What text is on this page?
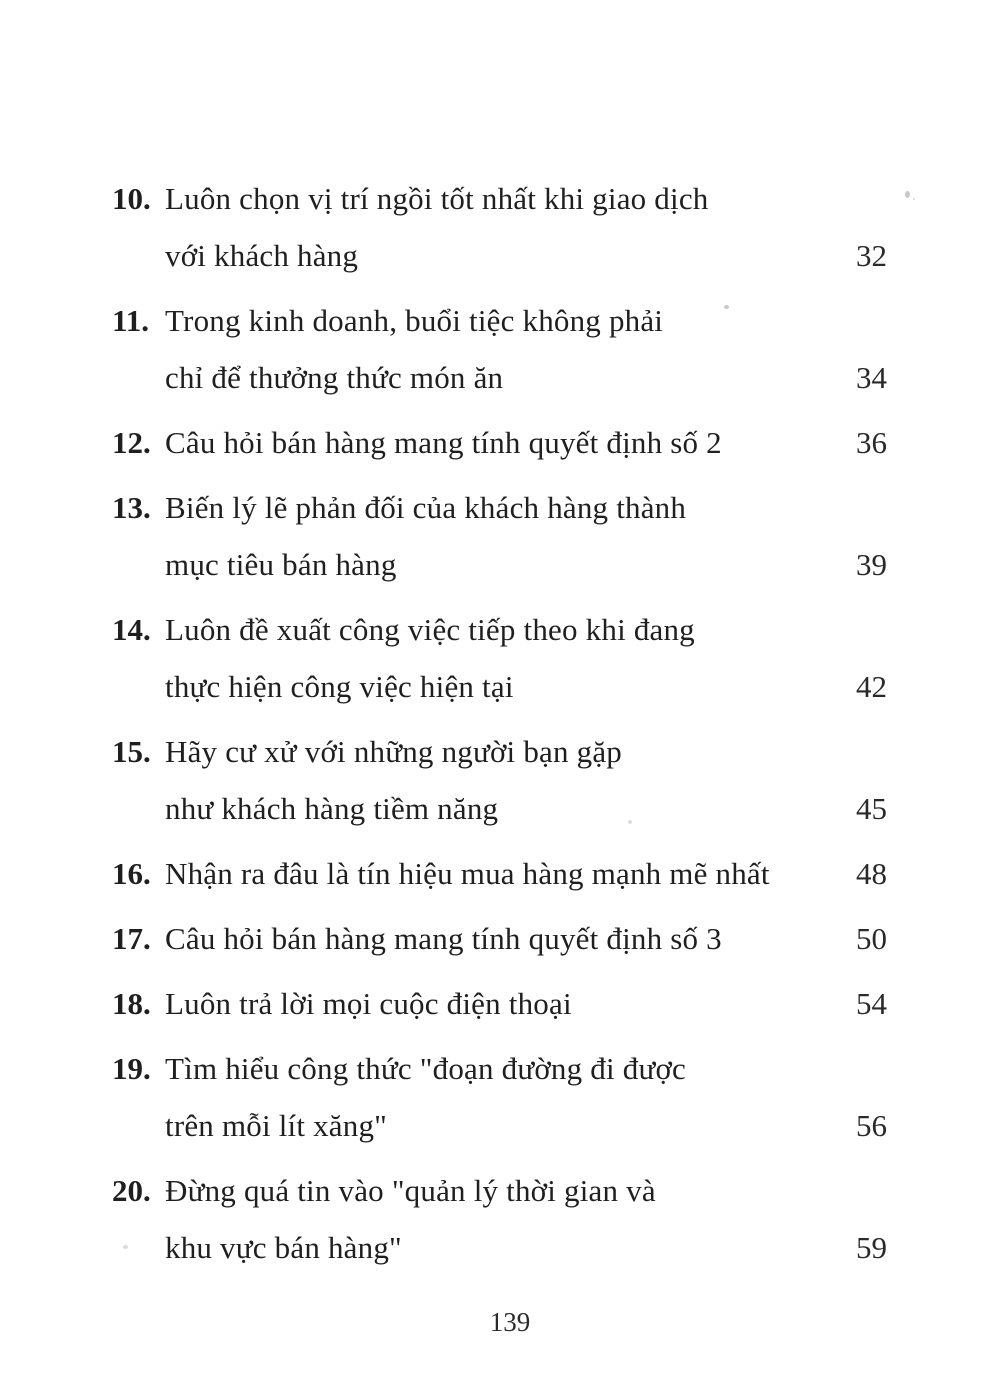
10. Luôn chọn vị trí ngồi tốt nhất khi giao dịch
với khách hàng	32
11. Trong kinh doanh, buổi tiệc không phải
chỉ để thưởng thức món ăn	34
12. Câu hỏi bán hàng mang tính quyết định số 2	36
13. Biến lý lẽ phản đối của khách hàng thành
mục tiêu bán hàng	39
14. Luôn đề xuất công việc tiếp theo khi đang
thực hiện công việc hiện tại	42
15. Hãy cư xử với những người bạn gặp
như khách hàng tiềm năng	45
16. Nhận ra đâu là tín hiệu mua hàng mạnh mẽ nhất	48
17. Câu hỏi bán hàng mang tính quyết định số 3	50
18. Luôn trả lời mọi cuộc điện thoại	54
19. Tìm hiểu công thức "đoạn đường đi được
trên mỗi lít xăng"	56
20. Đừng quá tin vào "quản lý thời gian và
khu vực bán hàng"	59
139
